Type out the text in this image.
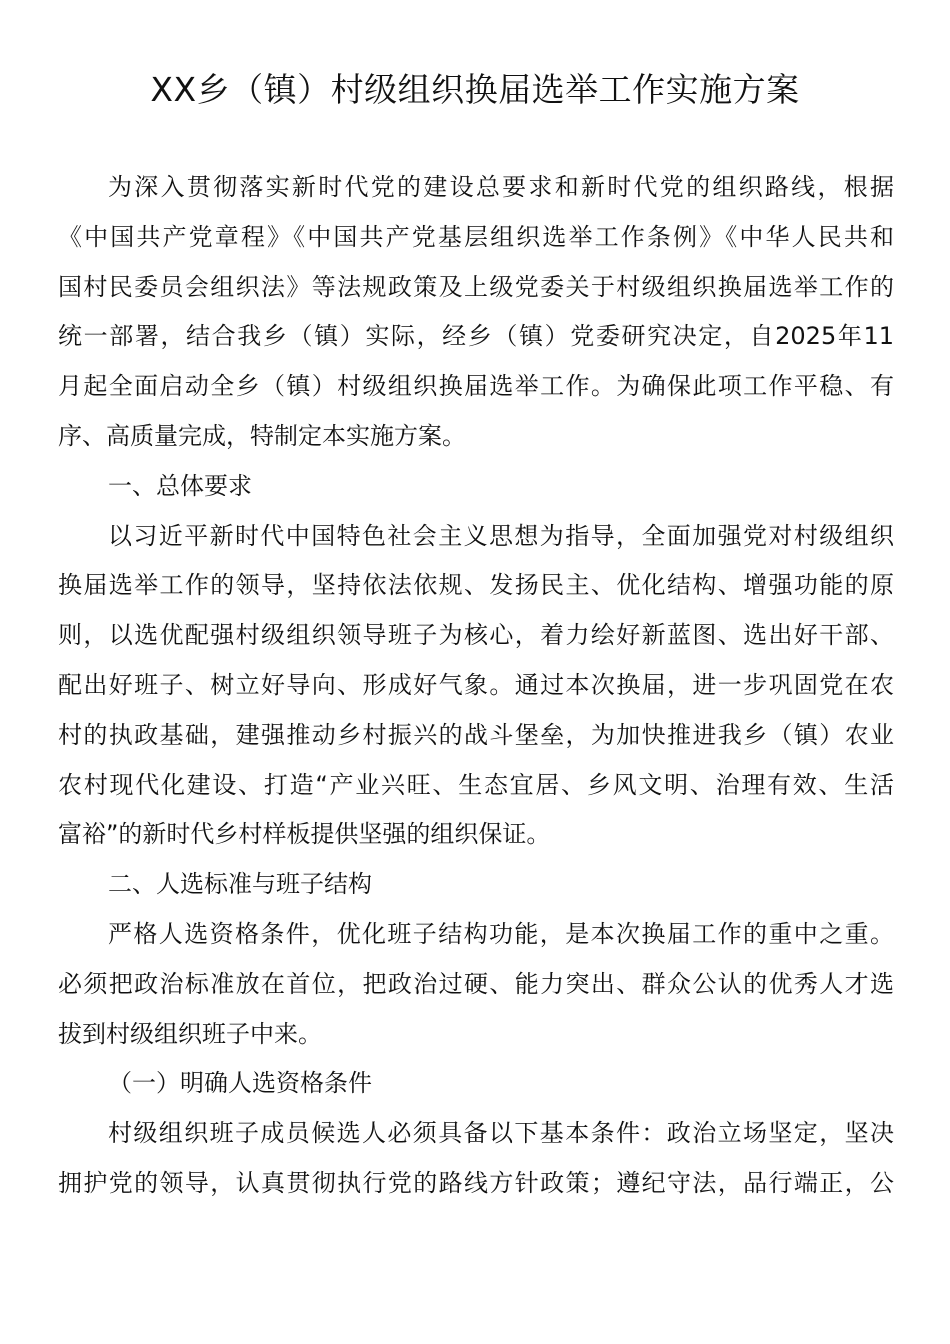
XX乡（镇）村级组织换届选举工作实施方案
为深入贯彻落实新时代党的建设总要求和新时代党的组织路线，根据
《中国共产党章程》《中国共产党基层组织选举工作条例》《中华人民共和
国村民委员会组织法》等法规政策及上级党委关于村级组织换届选举工作的
统一部署，结合我乡（镇）实际，经乡（镇）党委研究决定，自2025年11
月起全面启动全乡（镇）村级组织换届选举工作。为确保此项工作平稳、有
序、高质量完成，特制定本实施方案。
一、总体要求
以习近平新时代中国特色社会主义思想为指导，全面加强党对村级组织
换届选举工作的领导，坚持依法依规、发扬民主、优化结构、增强功能的原
则，以选优配强村级组织领导班子为核心，着力绘好新蓝图、选出好干部、
配出好班子、树立好导向、形成好气象。通过本次换届，进一步巩固党在农
村的执政基础，建强推动乡村振兴的战斗堡垒，为加快推进我乡（镇）农业
农村现代化建设、打造“产业兴旺、生态宜居、乡风文明、治理有效、生活
富裕”的新时代乡村样板提供坚强的组织保证。
二、人选标准与班子结构
严格人选资格条件，优化班子结构功能，是本次换届工作的重中之重。
必须把政治标准放在首位，把政治过硬、能力突出、群众公认的优秀人才选
拔到村级组织班子中来。
（一）明确人选资格条件
村级组织班子成员候选人必须具备以下基本条件：政治立场坚定，坚决
拥护党的领导，认真贯彻执行党的路线方针政策；遵纪守法，品行端正，公
